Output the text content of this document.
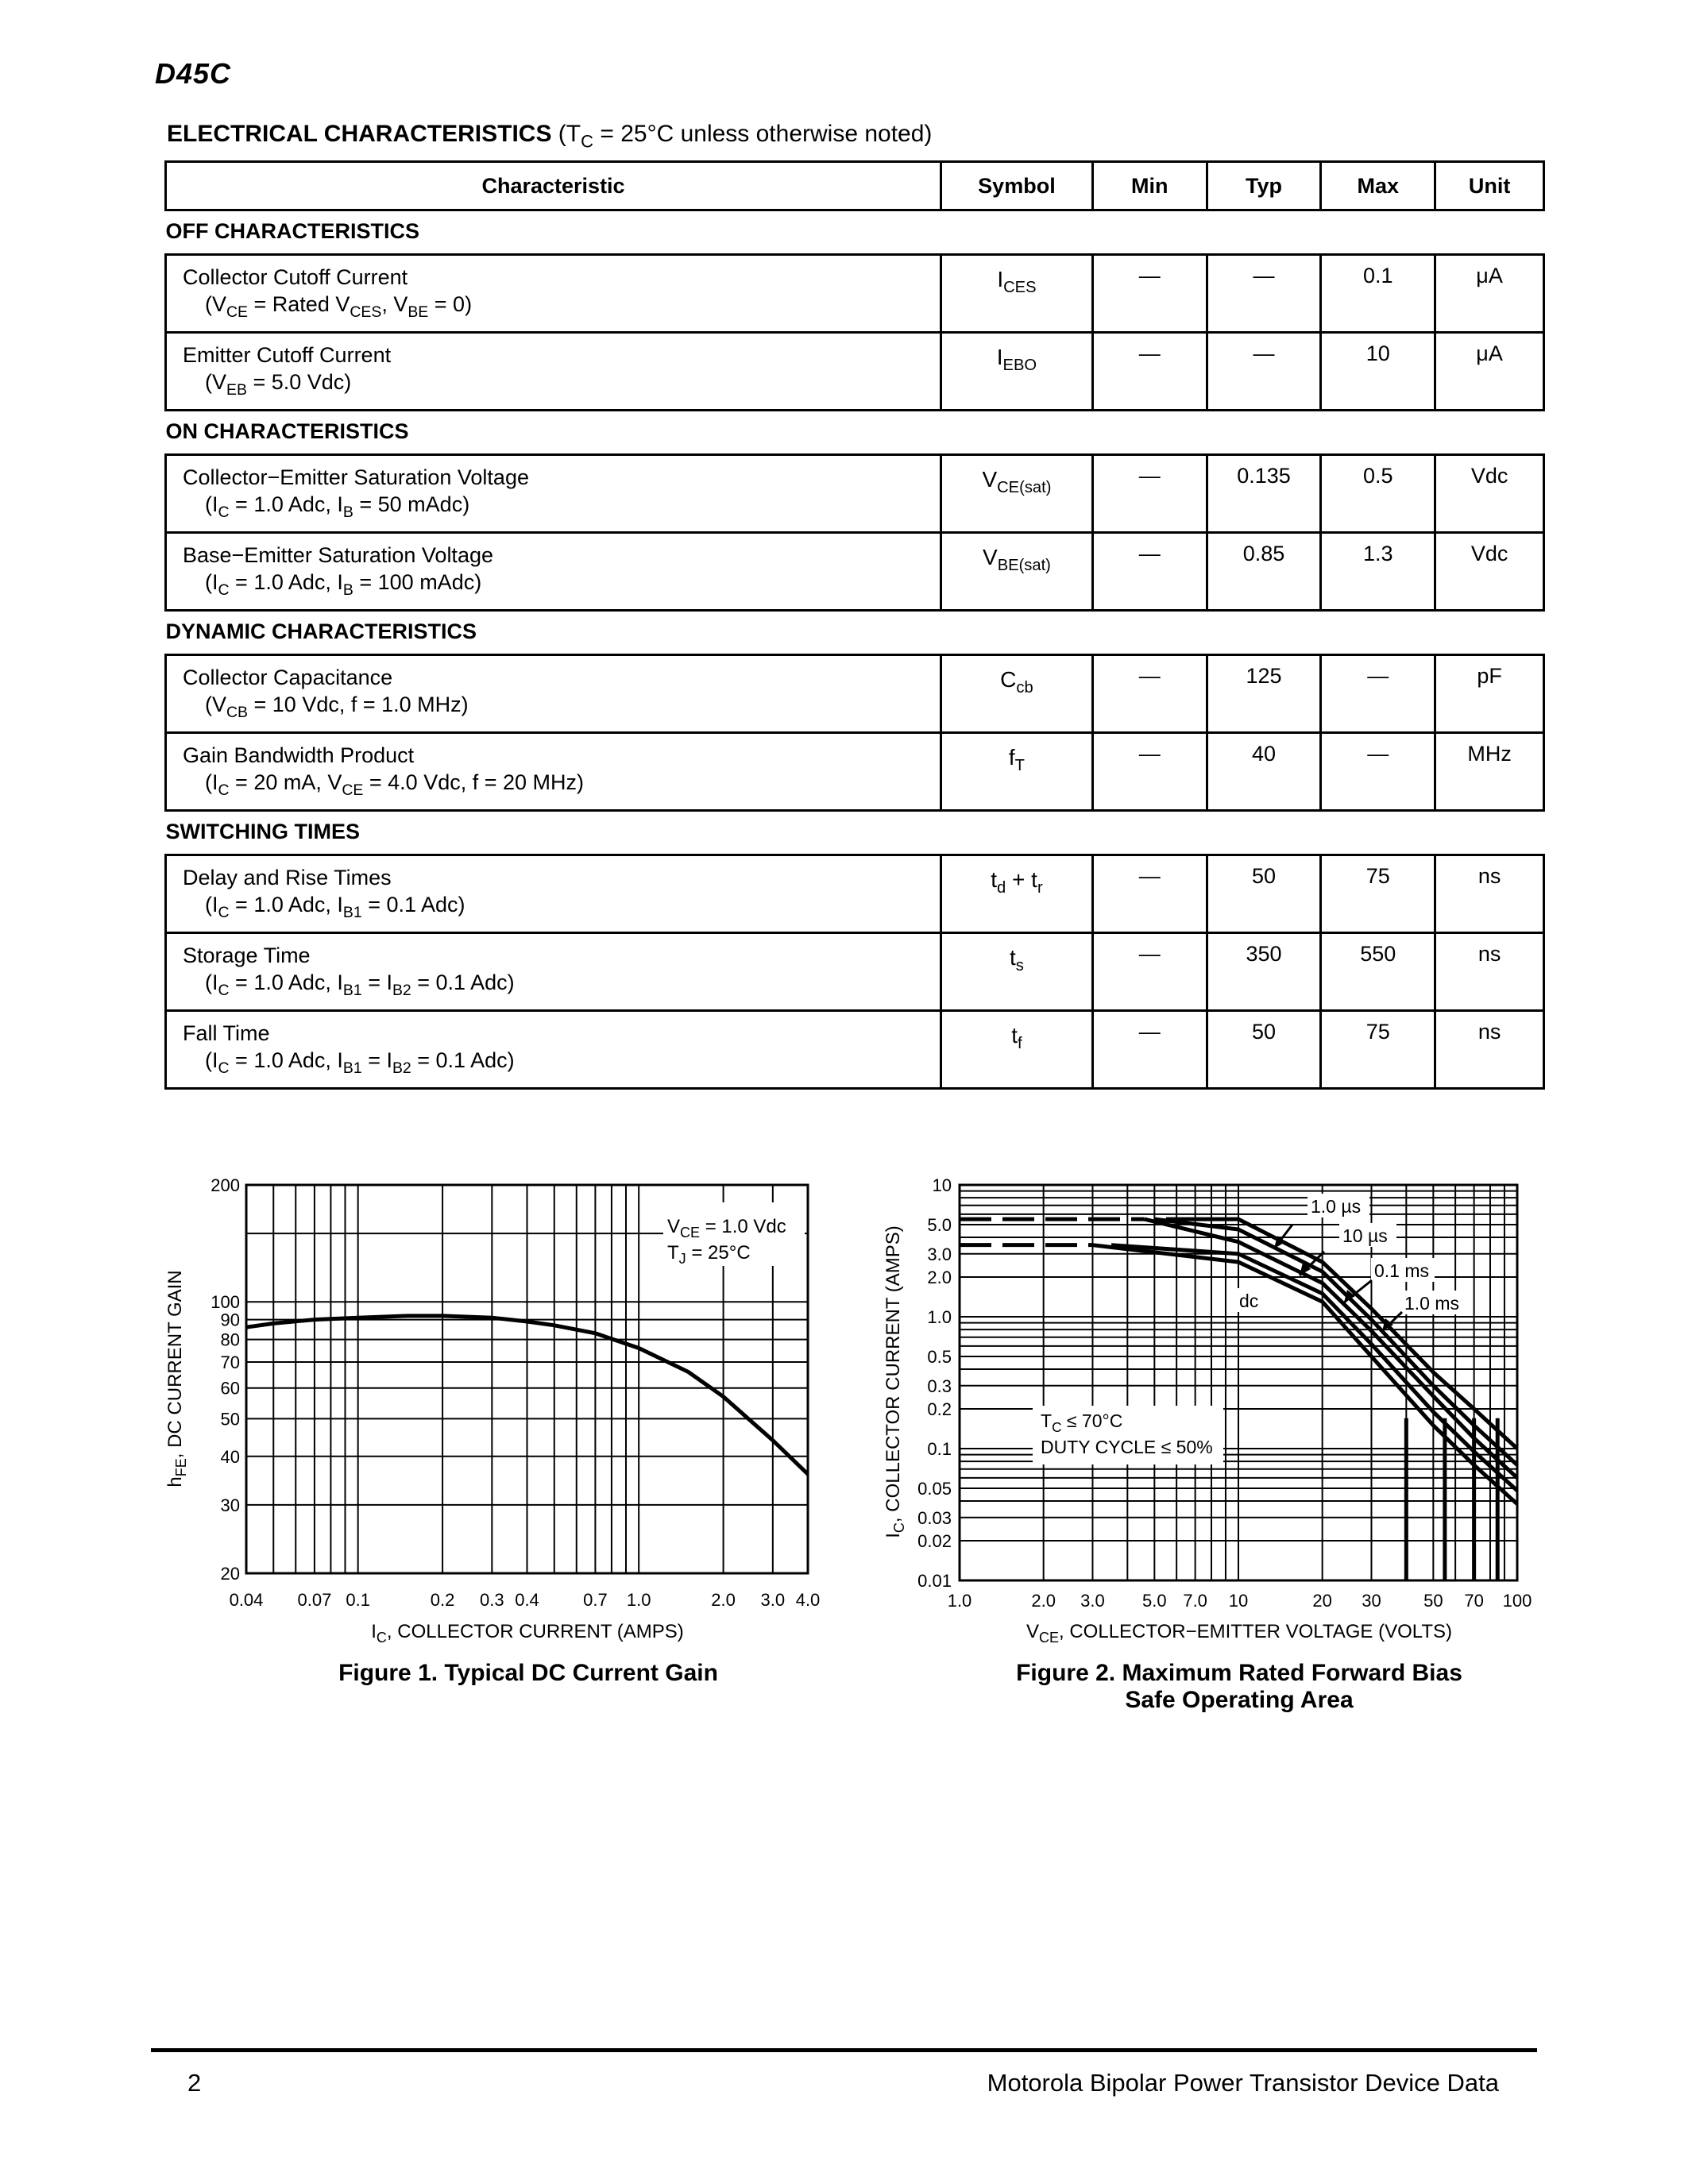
D45C
ELECTRICAL CHARACTERISTICS ($T_C = 25^\circ C$ unless otherwise noted)
Characteristic	Symbol	Min	Typ	Max	Unit
OFF CHARACTERISTICS					

Collector Cutoff Current
($V_{CE}$ = Rated $V_{CES}$, $V_{BE} = 0$)	$I_{CES}$	—	—	0.1	μA

Emitter Cutoff Current
($V_{EB} = 5.0$ Vdc)	$I_{EBO}$	—	—	10	μA
ON CHARACTERISTICS					

Collector−Emitter Saturation Voltage
($I_C = 1.0$ Adc, $I_B = 50$ mAdc)	$V_{CE(sat)}$	—	0.135	0.5	Vdc

Base−Emitter Saturation Voltage
($I_C = 1.0$ Adc, $I_B = 100$ mAdc)	$V_{BE(sat)}$	—	0.85	1.3	Vdc
DYNAMIC CHARACTERISTICS					

Collector Capacitance
($V_{CB} = 10$ Vdc, f = 1.0 MHz)	$C_{cb}$	—	125	—	pF

Gain Bandwidth Product
($I_C = 20$ mA, $V_{CE} = 4.0$ Vdc, f = 20 MHz)	$f_T$	—	40	—	MHz
SWITCHING TIMES					

Delay and Rise Times
($I_C = 1.0$ Adc, $I_{B1} = 0.1$ Adc)	$t_d + t_r$	—	50	75	ns

Storage Time
($I_C = 1.0$ Adc, $I_{B1} = I_{B2} = 0.1$ Adc)	$t_s$	—	350	550	ns

Fall Time
($I_C = 1.0$ Adc, $I_{B1} = I_{B2} = 0.1$ Adc)	$t_f$	—	50	75	ns
$V_{CE} = 1.0$ Vdc
$T_J = 25^\circ C$
0.04 0.07 0.1	0.2 0.3 0.4	0.7 1.0	2.0 3.0 4.0
20
30
40
50
60
70
80
90
100
200
$I_C$, COLLECTOR CURRENT (AMPS)
$h_{FE}$, DC CURRENT GAIN	$T_C \le 70^\circ C$
DUTY CYCLE ≤ 50%
1.0 µs
10 µs
0.1 ms
1.0 ms
dc
1.0	2.0 3.0 5.0 7.0 10	20 30 50 70 100
0.01
0.02
0.03
0.05
0.1
0.2
0.3
0.5
1.0
2.0
3.0
5.0
10
$V_{CE}$, COLLECTOR−EMITTER VOLTAGE (VOLTS)
$I_C$, COLLECTOR CURRENT (AMPS)
Figure 1. Typical DC Current Gain	Figure 2. Maximum Rated Forward Bias
Safe Operating Area
2	Motorola Bipolar Power Transistor Device Data
